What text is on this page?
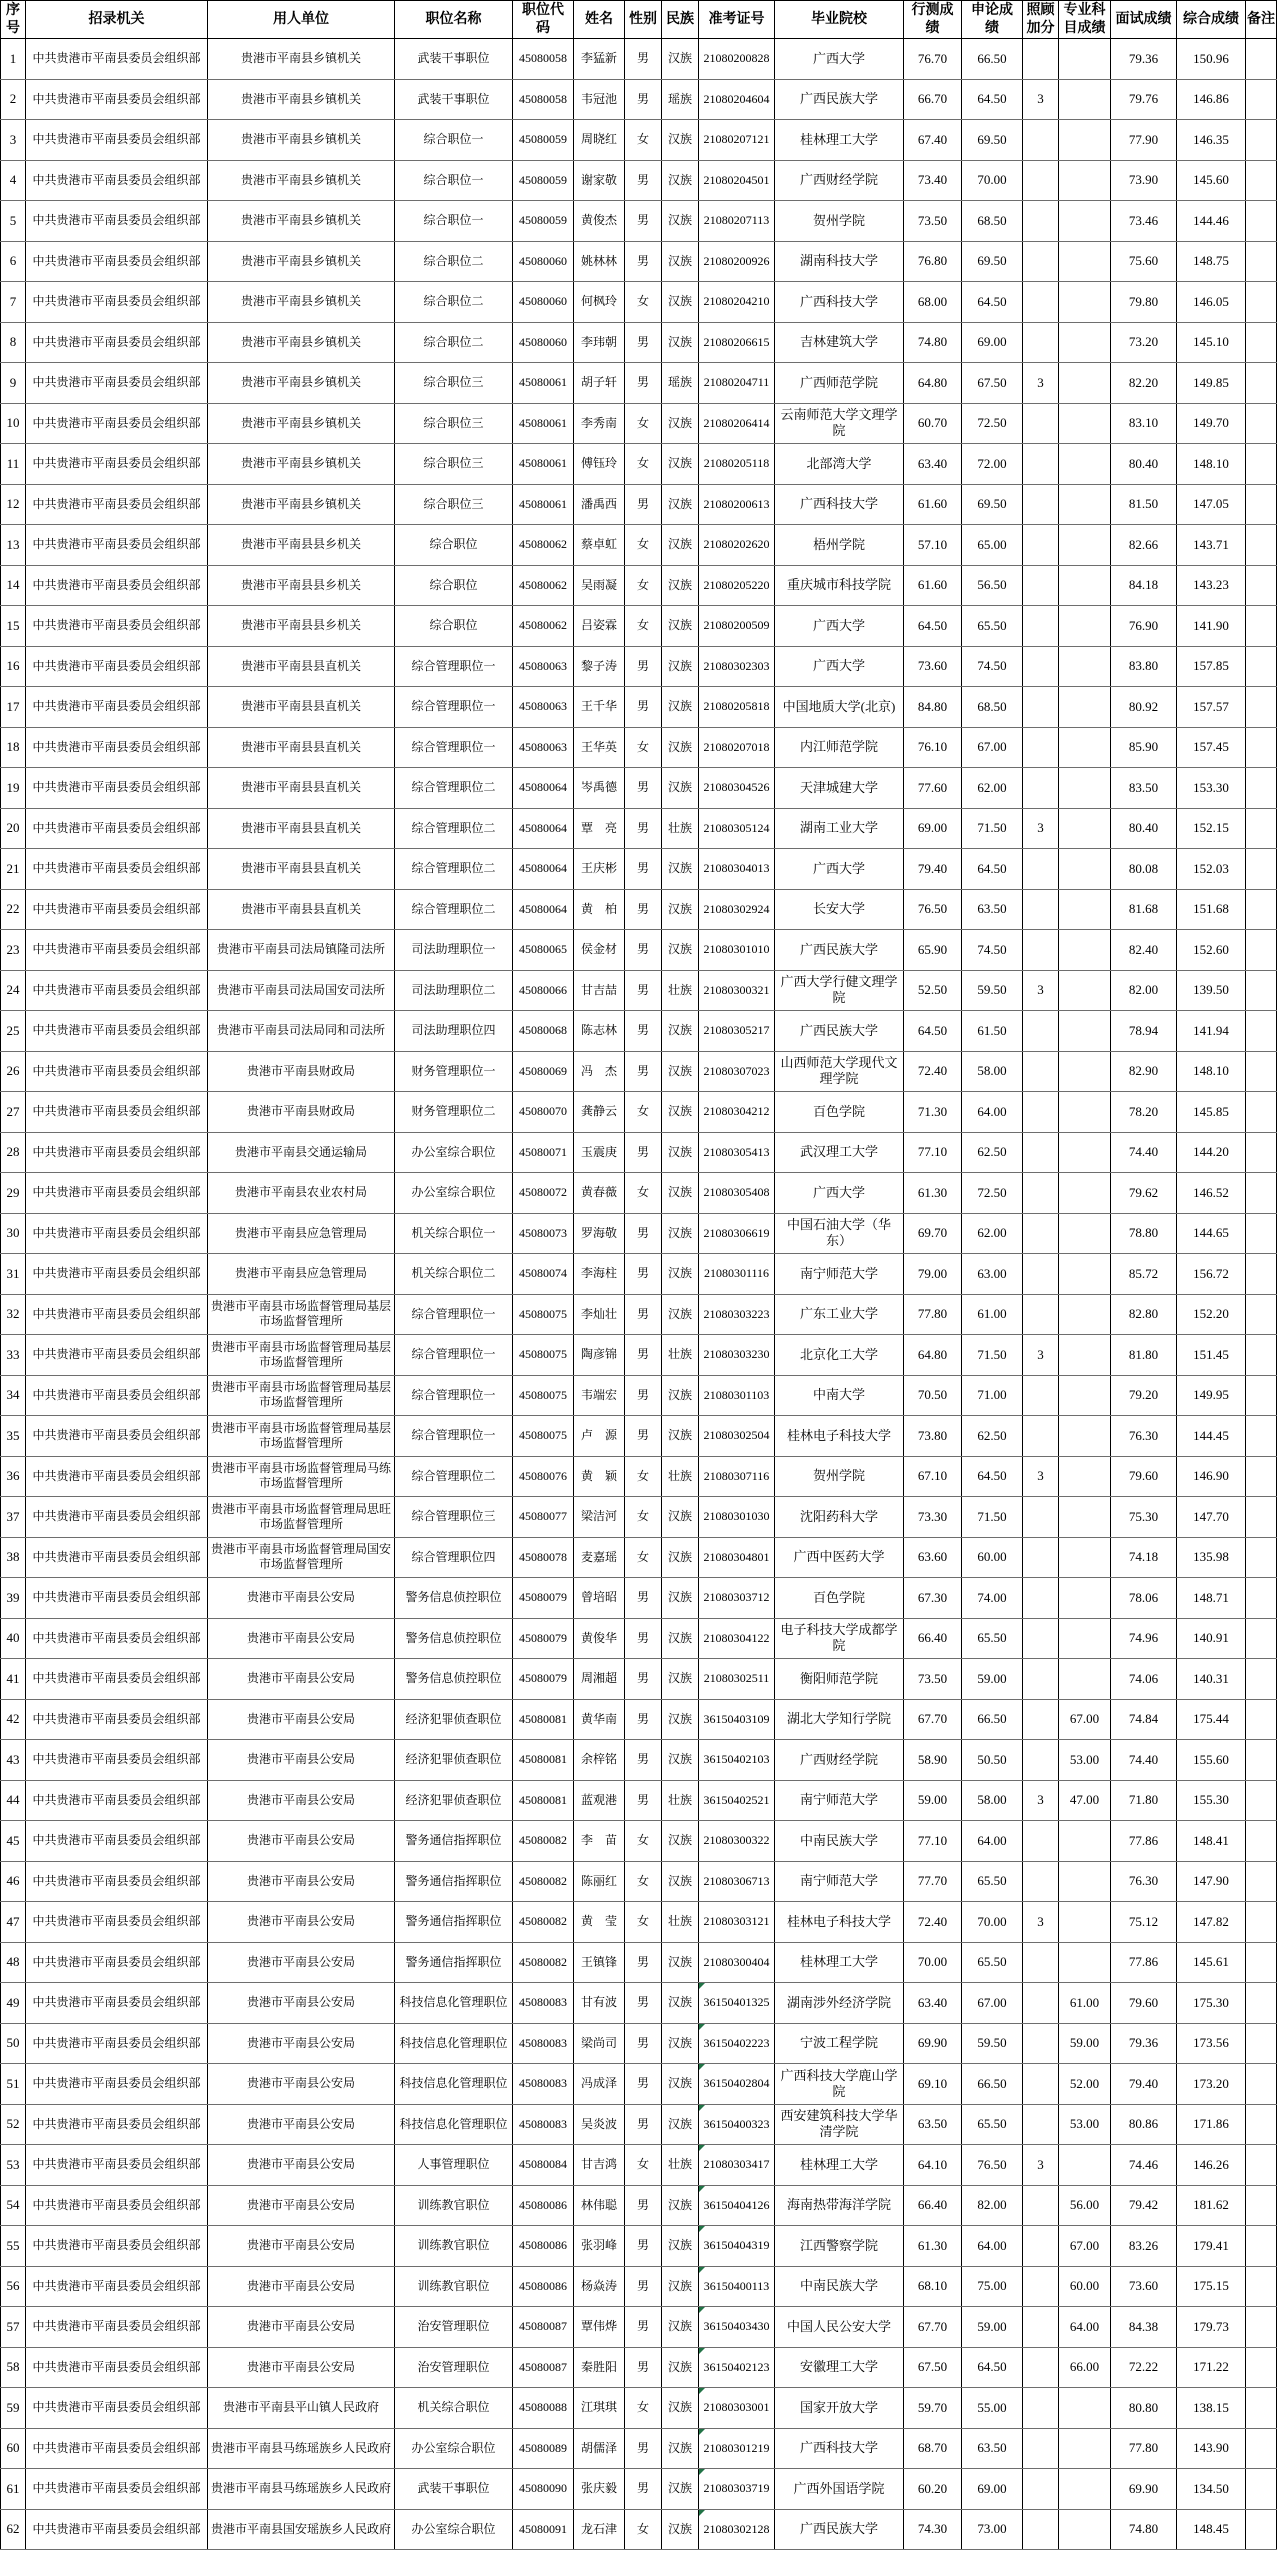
序号	招录机关	用人单位	职位名称	职位代码	姓名	性别	民族	准考证号	毕业院校	行测成绩	申论成绩	照顾加分	专业科目成绩	面试成绩	综合成绩	备注
1	中共贵港市平南县委员会组织部	贵港市平南县乡镇机关	武装干事职位	45080058	李猛新	男	汉族	21080200828	广西大学	76.70	66.50			79.36	150.96	
2	中共贵港市平南县委员会组织部	贵港市平南县乡镇机关	武装干事职位	45080058	韦冠池	男	瑶族	21080204604	广西民族大学	66.70	64.50	3		79.76	146.86	
3	中共贵港市平南县委员会组织部	贵港市平南县乡镇机关	综合职位一	45080059	周晓红	女	汉族	21080207121	桂林理工大学	67.40	69.50			77.90	146.35	
4	中共贵港市平南县委员会组织部	贵港市平南县乡镇机关	综合职位一	45080059	谢家敬	男	汉族	21080204501	广西财经学院	73.40	70.00			73.90	145.60	
5	中共贵港市平南县委员会组织部	贵港市平南县乡镇机关	综合职位一	45080059	黄俊杰	男	汉族	21080207113	贺州学院	73.50	68.50			73.46	144.46	
6	中共贵港市平南县委员会组织部	贵港市平南县乡镇机关	综合职位二	45080060	姚林林	男	汉族	21080200926	湖南科技大学	76.80	69.50			75.60	148.75	
7	中共贵港市平南县委员会组织部	贵港市平南县乡镇机关	综合职位二	45080060	何枫玲	女	汉族	21080204210	广西科技大学	68.00	64.50			79.80	146.05	
8	中共贵港市平南县委员会组织部	贵港市平南县乡镇机关	综合职位二	45080060	李玮朝	男	汉族	21080206615	吉林建筑大学	74.80	69.00			73.20	145.10	
9	中共贵港市平南县委员会组织部	贵港市平南县乡镇机关	综合职位三	45080061	胡子轩	男	瑶族	21080204711	广西师范学院	64.80	67.50	3		82.20	149.85	
10	中共贵港市平南县委员会组织部	贵港市平南县乡镇机关	综合职位三	45080061	李秀南	女	汉族	21080206414	云南师范大学文理学院	60.70	72.50			83.10	149.70	
11	中共贵港市平南县委员会组织部	贵港市平南县乡镇机关	综合职位三	45080061	傅钰玲	女	汉族	21080205118	北部湾大学	63.40	72.00			80.40	148.10	
12	中共贵港市平南县委员会组织部	贵港市平南县乡镇机关	综合职位三	45080061	潘禹西	男	汉族	21080200613	广西科技大学	61.60	69.50			81.50	147.05	
13	中共贵港市平南县委员会组织部	贵港市平南县县乡机关	综合职位	45080062	蔡卓虹	女	汉族	21080202620	梧州学院	57.10	65.00			82.66	143.71	
14	中共贵港市平南县委员会组织部	贵港市平南县县乡机关	综合职位	45080062	吴雨凝	女	汉族	21080205220	重庆城市科技学院	61.60	56.50			84.18	143.23	
15	中共贵港市平南县委员会组织部	贵港市平南县县乡机关	综合职位	45080062	吕姿霖	女	汉族	21080200509	广西大学	64.50	65.50			76.90	141.90	
16	中共贵港市平南县委员会组织部	贵港市平南县县直机关	综合管理职位一	45080063	黎子涛	男	汉族	21080302303	广西大学	73.60	74.50			83.80	157.85	
17	中共贵港市平南县委员会组织部	贵港市平南县县直机关	综合管理职位一	45080063	王千华	男	汉族	21080205818	中国地质大学(北京)	84.80	68.50			80.92	157.57	
18	中共贵港市平南县委员会组织部	贵港市平南县县直机关	综合管理职位一	45080063	王华英	女	汉族	21080207018	内江师范学院	76.10	67.00			85.90	157.45	
19	中共贵港市平南县委员会组织部	贵港市平南县县直机关	综合管理职位二	45080064	岑禹德	男	汉族	21080304526	天津城建大学	77.60	62.00			83.50	153.30	
20	中共贵港市平南县委员会组织部	贵港市平南县县直机关	综合管理职位二	45080064	覃　亮	男	壮族	21080305124	湖南工业大学	69.00	71.50	3		80.40	152.15	
21	中共贵港市平南县委员会组织部	贵港市平南县县直机关	综合管理职位二	45080064	王庆彬	男	汉族	21080304013	广西大学	79.40	64.50			80.08	152.03	
22	中共贵港市平南县委员会组织部	贵港市平南县县直机关	综合管理职位二	45080064	黄　柏	男	汉族	21080302924	长安大学	76.50	63.50			81.68	151.68	
23	中共贵港市平南县委员会组织部	贵港市平南县司法局镇隆司法所	司法助理职位一	45080065	侯金材	男	汉族	21080301010	广西民族大学	65.90	74.50			82.40	152.60	
24	中共贵港市平南县委员会组织部	贵港市平南县司法局国安司法所	司法助理职位二	45080066	甘吉喆	男	壮族	21080300321	广西大学行健文理学院	52.50	59.50	3		82.00	139.50	
25	中共贵港市平南县委员会组织部	贵港市平南县司法局同和司法所	司法助理职位四	45080068	陈志林	男	汉族	21080305217	广西民族大学	64.50	61.50			78.94	141.94	
26	中共贵港市平南县委员会组织部	贵港市平南县财政局	财务管理职位一	45080069	冯　杰	男	汉族	21080307023	山西师范大学现代文理学院	72.40	58.00			82.90	148.10	
27	中共贵港市平南县委员会组织部	贵港市平南县财政局	财务管理职位二	45080070	龚静云	女	汉族	21080304212	百色学院	71.30	64.00			78.20	145.85	
28	中共贵港市平南县委员会组织部	贵港市平南县交通运输局	办公室综合职位	45080071	玉震庚	男	汉族	21080305413	武汉理工大学	77.10	62.50			74.40	144.20	
29	中共贵港市平南县委员会组织部	贵港市平南县农业农村局	办公室综合职位	45080072	黄春薇	女	汉族	21080305408	广西大学	61.30	72.50			79.62	146.52	
30	中共贵港市平南县委员会组织部	贵港市平南县应急管理局	机关综合职位一	45080073	罗海敬	男	汉族	21080306619	中国石油大学（华东）	69.70	62.00			78.80	144.65	
31	中共贵港市平南县委员会组织部	贵港市平南县应急管理局	机关综合职位二	45080074	李海柱	男	汉族	21080301116	南宁师范大学	79.00	63.00			85.72	156.72	
32	中共贵港市平南县委员会组织部	贵港市平南县市场监督管理局基层市场监督管理所	综合管理职位一	45080075	李灿壮	男	汉族	21080303223	广东工业大学	77.80	61.00			82.80	152.20	
33	中共贵港市平南县委员会组织部	贵港市平南县市场监督管理局基层市场监督管理所	综合管理职位一	45080075	陶彦锦	男	壮族	21080303230	北京化工大学	64.80	71.50	3		81.80	151.45	
34	中共贵港市平南县委员会组织部	贵港市平南县市场监督管理局基层市场监督管理所	综合管理职位一	45080075	韦端宏	男	汉族	21080301103	中南大学	70.50	71.00			79.20	149.95	
35	中共贵港市平南县委员会组织部	贵港市平南县市场监督管理局基层市场监督管理所	综合管理职位一	45080075	卢　源	男	汉族	21080302504	桂林电子科技大学	73.80	62.50			76.30	144.45	
36	中共贵港市平南县委员会组织部	贵港市平南县市场监督管理局马练市场监督管理所	综合管理职位二	45080076	黄　颖	女	壮族	21080307116	贺州学院	67.10	64.50	3		79.60	146.90	
37	中共贵港市平南县委员会组织部	贵港市平南县市场监督管理局思旺市场监督管理所	综合管理职位三	45080077	梁洁河	女	汉族	21080301030	沈阳药科大学	73.30	71.50			75.30	147.70	
38	中共贵港市平南县委员会组织部	贵港市平南县市场监督管理局国安市场监督管理所	综合管理职位四	45080078	麦嘉瑶	女	汉族	21080304801	广西中医药大学	63.60	60.00			74.18	135.98	
39	中共贵港市平南县委员会组织部	贵港市平南县公安局	警务信息侦控职位	45080079	曾培昭	男	汉族	21080303712	百色学院	67.30	74.00			78.06	148.71	
40	中共贵港市平南县委员会组织部	贵港市平南县公安局	警务信息侦控职位	45080079	黄俊华	男	汉族	21080304122	电子科技大学成都学院	66.40	65.50			74.96	140.91	
41	中共贵港市平南县委员会组织部	贵港市平南县公安局	警务信息侦控职位	45080079	周湘超	男	汉族	21080302511	衡阳师范学院	73.50	59.00			74.06	140.31	
42	中共贵港市平南县委员会组织部	贵港市平南县公安局	经济犯罪侦查职位	45080081	黄华南	男	汉族	36150403109	湖北大学知行学院	67.70	66.50		67.00	74.84	175.44	
43	中共贵港市平南县委员会组织部	贵港市平南县公安局	经济犯罪侦查职位	45080081	余梓铭	男	汉族	36150402103	广西财经学院	58.90	50.50		53.00	74.40	155.60	
44	中共贵港市平南县委员会组织部	贵港市平南县公安局	经济犯罪侦查职位	45080081	蓝观港	男	壮族	36150402521	南宁师范大学	59.00	58.00	3	47.00	71.80	155.30	
45	中共贵港市平南县委员会组织部	贵港市平南县公安局	警务通信指挥职位	45080082	李　苗	女	汉族	21080300322	中南民族大学	77.10	64.00			77.86	148.41	
46	中共贵港市平南县委员会组织部	贵港市平南县公安局	警务通信指挥职位	45080082	陈丽红	女	汉族	21080306713	南宁师范大学	77.70	65.50			76.30	147.90	
47	中共贵港市平南县委员会组织部	贵港市平南县公安局	警务通信指挥职位	45080082	黄　莹	女	壮族	21080303121	桂林电子科技大学	72.40	70.00	3		75.12	147.82	
48	中共贵港市平南县委员会组织部	贵港市平南县公安局	警务通信指挥职位	45080082	王镇锋	男	汉族	21080300404	桂林理工大学	70.00	65.50			77.86	145.61	
49	中共贵港市平南县委员会组织部	贵港市平南县公安局	科技信息化管理职位	45080083	甘有波	男	汉族	36150401325	湖南涉外经济学院	63.40	67.00		61.00	79.60	175.30	
50	中共贵港市平南县委员会组织部	贵港市平南县公安局	科技信息化管理职位	45080083	梁尚司	男	汉族	36150402223	宁波工程学院	69.90	59.50		59.00	79.36	173.56	
51	中共贵港市平南县委员会组织部	贵港市平南县公安局	科技信息化管理职位	45080083	冯成泽	男	汉族	36150402804	广西科技大学鹿山学院	69.10	66.50		52.00	79.40	173.20	
52	中共贵港市平南县委员会组织部	贵港市平南县公安局	科技信息化管理职位	45080083	吴炎波	男	汉族	36150400323	西安建筑科技大学华清学院	63.50	65.50		53.00	80.86	171.86	
53	中共贵港市平南县委员会组织部	贵港市平南县公安局	人事管理职位	45080084	甘吉鸿	女	壮族	21080303417	桂林理工大学	64.10	76.50	3		74.46	146.26	
54	中共贵港市平南县委员会组织部	贵港市平南县公安局	训练教官职位	45080086	林伟聪	男	汉族	36150404126	海南热带海洋学院	66.40	82.00		56.00	79.42	181.62	
55	中共贵港市平南县委员会组织部	贵港市平南县公安局	训练教官职位	45080086	张羽峰	男	汉族	36150404319	江西警察学院	61.30	64.00		67.00	83.26	179.41	
56	中共贵港市平南县委员会组织部	贵港市平南县公安局	训练教官职位	45080086	杨焱涛	男	汉族	36150400113	中南民族大学	68.10	75.00		60.00	73.60	175.15	
57	中共贵港市平南县委员会组织部	贵港市平南县公安局	治安管理职位	45080087	覃伟烨	男	汉族	36150403430	中国人民公安大学	67.70	59.00		64.00	84.38	179.73	
58	中共贵港市平南县委员会组织部	贵港市平南县公安局	治安管理职位	45080087	秦胜阳	男	汉族	36150402123	安徽理工大学	67.50	64.50		66.00	72.22	171.22	
59	中共贵港市平南县委员会组织部	贵港市平南县平山镇人民政府	机关综合职位	45080088	江琪琪	女	汉族	21080303001	国家开放大学	59.70	55.00			80.80	138.15	
60	中共贵港市平南县委员会组织部	贵港市平南县马练瑶族乡人民政府	办公室综合职位	45080089	胡儒泽	男	汉族	21080301219	广西科技大学	68.70	63.50			77.80	143.90	
61	中共贵港市平南县委员会组织部	贵港市平南县马练瑶族乡人民政府	武装干事职位	45080090	张庆毅	男	汉族	21080303719	广西外国语学院	60.20	69.00			69.90	134.50	
62	中共贵港市平南县委员会组织部	贵港市平南县国安瑶族乡人民政府	办公室综合职位	45080091	龙石津	女	汉族	21080302128	广西民族大学	74.30	73.00			74.80	148.45	
